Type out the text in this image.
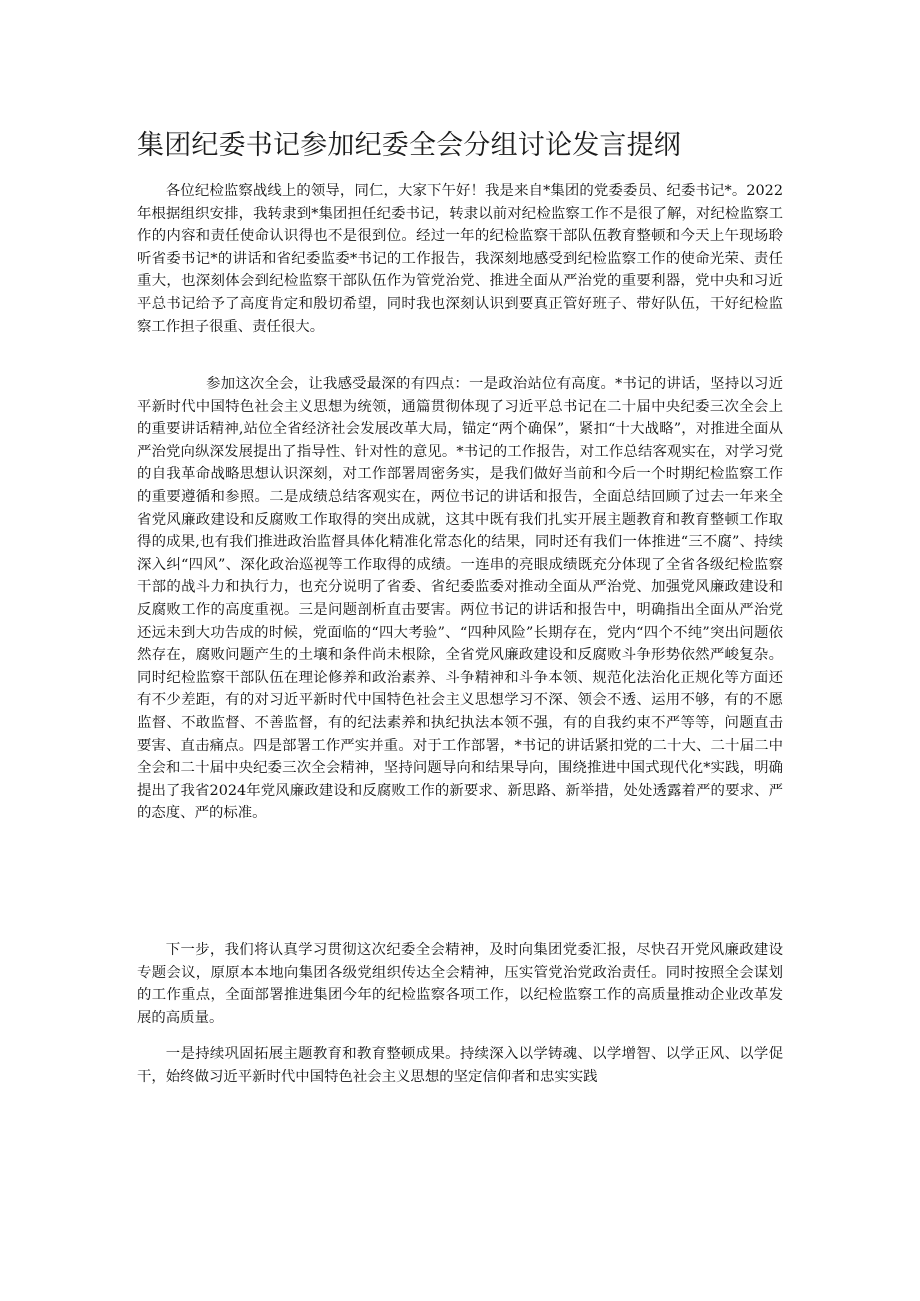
集团纪委书记参加纪委全会分组讨论发言提纲

各位纪检监察战线上的领导，同仁，大家下午好！我是来自*集团的党委委员、纪委书记*。2022年根据组织安排，我转隶到*集团担任纪委书记，转隶以前对纪检监察工作不是很了解，对纪检监察工作的内容和责任使命认识得也不是很到位。经过一年的纪检监察干部队伍教育整顿和今天上午现场聆听省委书记*的讲话和省纪委监委*书记的工作报告，我深刻地感受到纪检监察工作的使命光荣、责任重大，也深刻体会到纪检监察干部队伍作为管党治党、推进全面从严治党的重要利器，党中央和习近平总书记给予了高度肯定和殷切希望，同时我也深刻认识到要真正管好班子、带好队伍，干好纪检监察工作担子很重、责任很大。

参加这次全会，让我感受最深的有四点：一是政治站位有高度。*书记的讲话，坚持以习近平新时代中国特色社会主义思想为统领，通篇贯彻体现了习近平总书记在二十届中央纪委三次全会上的重要讲话精神,站位全省经济社会发展改革大局，锚定“两个确保”，紧扣“十大战略”，对推进全面从严治党向纵深发展提出了指导性、针对性的意见。*书记的工作报告，对工作总结客观实在，对学习党的自我革命战略思想认识深刻，对工作部署周密务实，是我们做好当前和今后一个时期纪检监察工作的重要遵循和参照。二是成绩总结客观实在，两位书记的讲话和报告，全面总结回顾了过去一年来全省党风廉政建设和反腐败工作取得的突出成就，这其中既有我们扎实开展主题教育和教育整顿工作取得的成果,也有我们推进政治监督具体化精准化常态化的结果，同时还有我们一体推进“三不腐”、持续深入纠“四风”、深化政治巡视等工作取得的成绩。一连串的亮眼成绩既充分体现了全省各级纪检监察干部的战斗力和执行力，也充分说明了省委、省纪委监委对推动全面从严治党、加强党风廉政建设和反腐败工作的高度重视。三是问题剖析直击要害。两位书记的讲话和报告中，明确指出全面从严治党还远未到大功告成的时候，党面临的“四大考验”、“四种风险”长期存在，党内“四个不纯”突出问题依然存在，腐败问题产生的土壤和条件尚未根除，全省党风廉政建设和反腐败斗争形势依然严峻复杂。同时纪检监察干部队伍在理论修养和政治素养、斗争精神和斗争本领、规范化法治化正规化等方面还有不少差距，有的对习近平新时代中国特色社会主义思想学习不深、领会不透、运用不够，有的不愿监督、不敢监督、不善监督，有的纪法素养和执纪执法本领不强，有的自我约束不严等等，问题直击要害、直击痛点。四是部署工作严实并重。对于工作部署，*书记的讲话紧扣党的二十大、二十届二中全会和二十届中央纪委三次全会精神，坚持问题导向和结果导向，围绕推进中国式现代化*实践，明确提出了我省2024年党风廉政建设和反腐败工作的新要求、新思路、新举措，处处透露着严的要求、严的态度、严的标准。

下一步，我们将认真学习贯彻这次纪委全会精神，及时向集团党委汇报，尽快召开党风廉政建设专题会议，原原本本地向集团各级党组织传达全会精神，压实管党治党政治责任。同时按照全会谋划的工作重点，全面部署推进集团今年的纪检监察各项工作，以纪检监察工作的高质量推动企业改革发展的高质量。

一是持续巩固拓展主题教育和教育整顿成果。持续深入以学铸魂、以学增智、以学正风、以学促干，始终做习近平新时代中国特色社会主义思想的坚定信仰者和忠实实践
